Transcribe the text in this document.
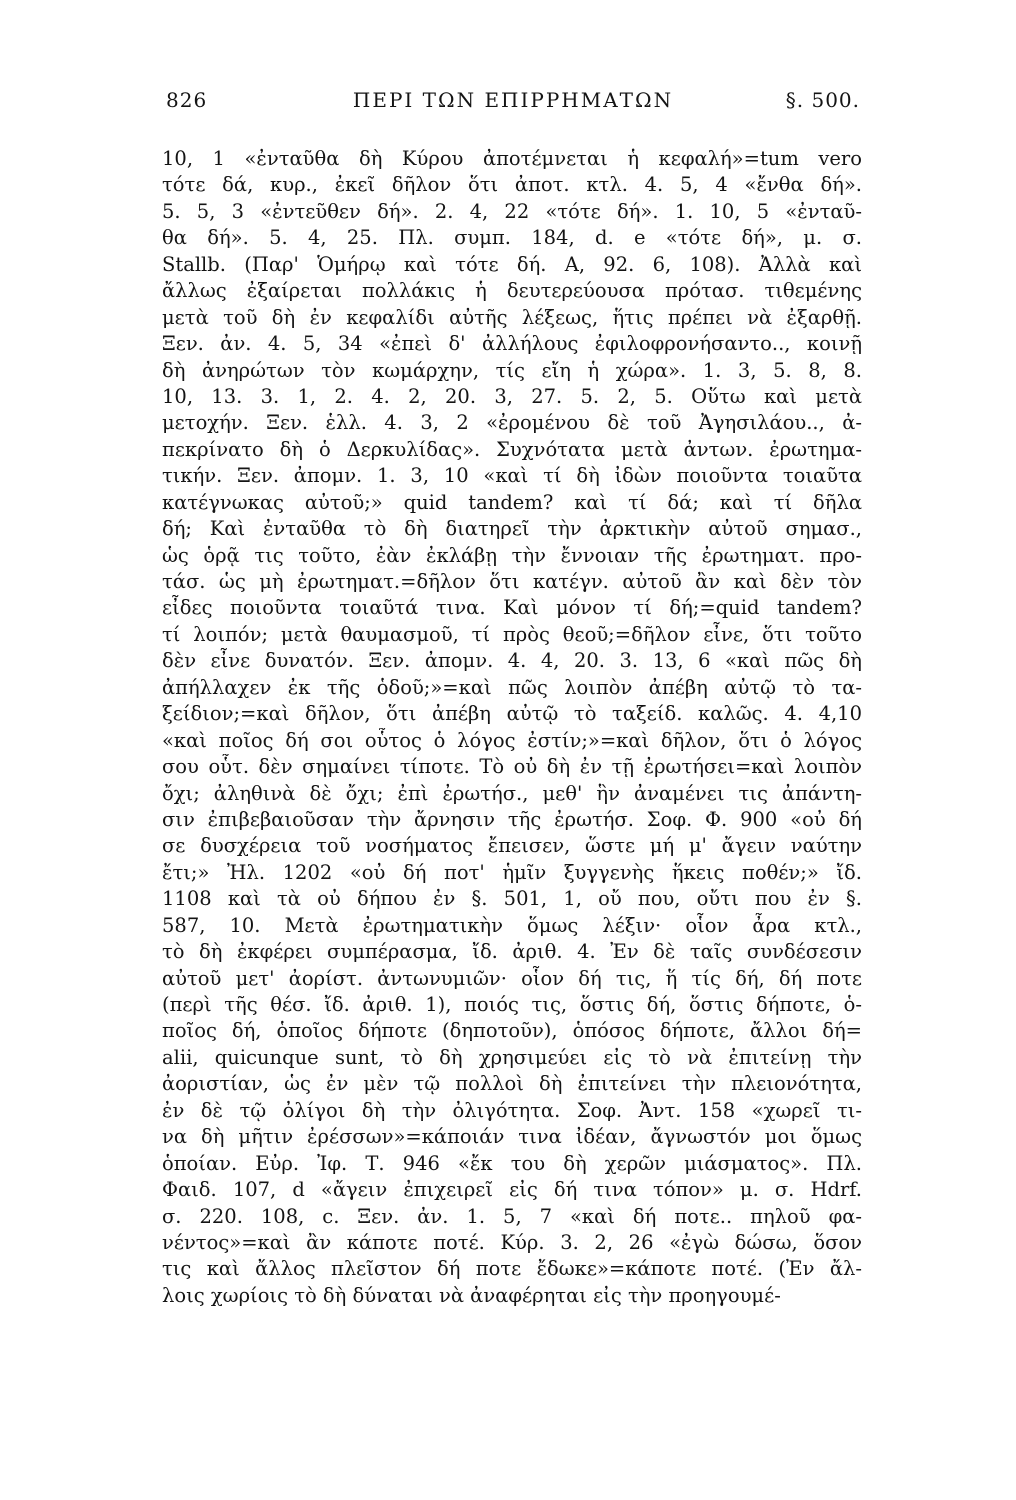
826	ΠΕΡΙ ΤΩΝ ΕΠΙΡΡΗΜΑΤΩΝ	§. 500.
10, 1 «ἐνταῦθα δὴ Κύρου ἀποτέμνεται ἡ κεφαλή»=tum vero
τότε δά, κυρ., ἐκεῖ δῆλον ὅτι ἀποτ. κτλ. 4. 5, 4 «ἔνθα δή».
5. 5, 3 «ἐντεῦθεν δή». 2. 4, 22 «τότε δή». 1. 10, 5 «ἐνταῦ-
θα δή». 5. 4, 25. Πλ. συμπ. 184, d. e «τότε δή», μ. σ.
Stallb. (Παρ' Ὁμήρῳ καὶ τότε δή. Α, 92. 6, 108). Ἀλλὰ καὶ
ἄλλως ἐξαίρεται πολλάκις ἡ δευτερεύουσα πρότασ. τιθεμένης
μετὰ τοῦ δὴ ἐν κεφαλίδι αὐτῆς λέξεως, ἥτις πρέπει νὰ ἐξαρθῇ.
Ξεν. ἀν. 4. 5, 34 «ἐπεὶ δ' ἀλλήλους ἐφιλοφρονήσαντο.., κοινῇ
δὴ ἀνηρώτων τὸν κωμάρχην, τίς εἴη ἡ χώρα». 1. 3, 5. 8, 8.
10, 13. 3. 1, 2. 4. 2, 20. 3, 27. 5. 2, 5. Οὕτω καὶ μετὰ
μετοχήν. Ξεν. ἑλλ. 4. 3, 2 «ἐρομένου δὲ τοῦ Ἀγησιλάου.., ἀ-
πεκρίνατο δὴ ὁ Δερκυλίδας». Συχνότατα μετὰ ἀντων. ἐρωτημα-
τικήν. Ξεν. ἀπομν. 1. 3, 10 «καὶ τί δὴ ἰδὼν ποιοῦντα τοιαῦτα
κατέγνωκας αὐτοῦ;» quid tandem? καὶ τί δά; καὶ τί δῆλα
δή; Καὶ ἐνταῦθα τὸ δὴ διατηρεῖ τὴν ἀρκτικὴν αὐτοῦ σημασ.,
ὡς ὁρᾷ τις τοῦτο, ἐὰν ἐκλάβῃ τὴν ἔννοιαν τῆς ἐρωτηματ. προ-
τάσ. ὡς μὴ ἐρωτηματ.=δῆλον ὅτι κατέγν. αὐτοῦ ἂν καὶ δὲν τὸν
εἶδες ποιοῦντα τοιαῦτά τινα. Καὶ μόνον τί δή;=quid tandem?
τί λοιπόν; μετὰ θαυμασμοῦ, τί πρὸς θεοῦ;=δῆλον εἶνε, ὅτι τοῦτο
δὲν εἶνε δυνατόν. Ξεν. ἀπομν. 4. 4, 20. 3. 13, 6 «καὶ πῶς δὴ
ἀπήλλαχεν ἐκ τῆς ὁδοῦ;»=καὶ πῶς λοιπὸν ἀπέβη αὐτῷ τὸ τα-
ξείδιον;=καὶ δῆλον, ὅτι ἀπέβη αὐτῷ τὸ ταξείδ. καλῶς. 4. 4,10
«καὶ ποῖος δή σοι οὗτος ὁ λόγος ἐστίν;»=καὶ δῆλον, ὅτι ὁ λόγος
σου οὗτ. δὲν σημαίνει τίποτε. Τὸ οὐ δὴ ἐν τῇ ἐρωτήσει=καὶ λοιπὸν
ὄχι; ἀληθινὰ δὲ ὄχι; ἐπὶ ἐρωτήσ., μεθ' ἣν ἀναμένει τις ἀπάντη-
σιν ἐπιβεβαιοῦσαν τὴν ἄρνησιν τῆς ἐρωτήσ. Σοφ. Φ. 900 «οὐ δή
σε δυσχέρεια τοῦ νοσήματος ἔπεισεν, ὥστε μή μ' ἄγειν ναύτην
ἔτι;» Ἠλ. 1202 «οὐ δή ποτ' ἡμῖν ξυγγενὴς ἥκεις ποθέν;» ἴδ.
1108 καὶ τὰ οὐ δήπου ἐν §. 501, 1, οὔ που, οὔτι που ἐν §.
587, 10. Μετὰ ἐρωτηματικὴν ὅμως λέξιν· οἷον ἆρα κτλ.,
τὸ δὴ ἐκφέρει συμπέρασμα, ἴδ. ἀριθ. 4. Ἐν δὲ ταῖς συνδέσεσιν
αὐτοῦ μετ' ἀορίστ. ἀντωνυμιῶν· οἷον δή τις, ἥ τίς δή, δή ποτε
(περὶ τῆς θέσ. ἴδ. ἀριθ. 1), ποιός τις, ὅστις δή, ὅστις δήποτε, ὁ-
ποῖος δή, ὁποῖος δήποτε (δηποτοῦν), ὁπόσος δήποτε, ἄλλοι δή=
alii, quicunque sunt, τὸ δὴ χρησιμεύει εἰς τὸ νὰ ἐπιτείνῃ τὴν
ἀοριστίαν, ὡς ἐν μὲν τῷ πολλοὶ δὴ ἐπιτείνει τὴν πλειονότητα,
ἐν δὲ τῷ ὀλίγοι δὴ τὴν ὀλιγότητα. Σοφ. Ἀντ. 158 «χωρεῖ τι-
να δὴ μῆτιν ἐρέσσων»=κάποιάν τινα ἰδέαν, ἄγνωστόν μοι ὅμως
ὁποίαν. Εὐρ. Ἰφ. Τ. 946 «ἔκ του δὴ χερῶν μιάσματος». Πλ.
Φαιδ. 107, d «ἄγειν ἐπιχειρεῖ εἰς δή τινα τόπον» μ. σ. Hdrf.
σ. 220. 108, c. Ξεν. ἀν. 1. 5, 7 «καὶ δή ποτε.. πηλοῦ φα-
νέντος»=καὶ ἂν κάποτε ποτέ. Κύρ. 3. 2, 26 «ἐγὼ δώσω, ὅσον
τις καὶ ἄλλος πλεῖστον δή ποτε ἔδωκε»=κάποτε ποτέ. (Ἐν ἄλ-
λοις χωρίοις τὸ δὴ δύναται νὰ ἀναφέρηται εἰς τὴν προηγουμέ-
